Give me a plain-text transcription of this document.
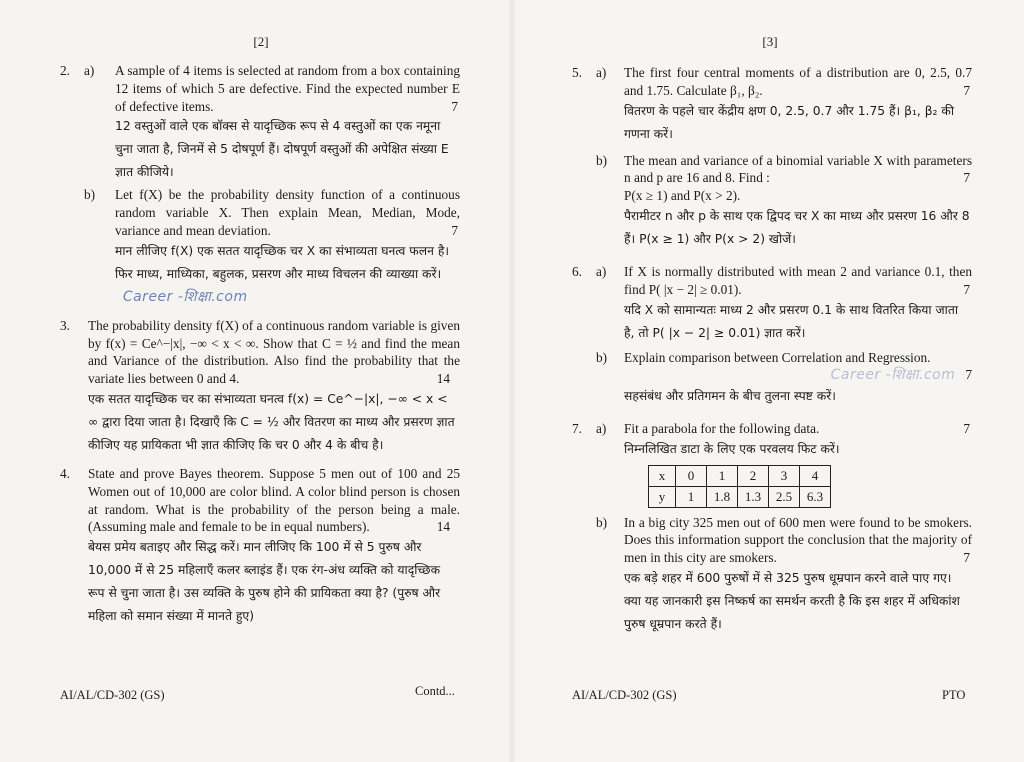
[2]
2. a) A sample of 4 items is selected at random from a box containing 12 items of which 5 are defective. Find the expected number E of defective items.	7

12 वस्तुओं वाले एक बॉक्स से यादृच्छिक रूप से 4 वस्तुओं का एक नमूना चुना जाता है, जिनमें से 5 दोषपूर्ण हैं। दोषपूर्ण वस्तुओं की अपेक्षित संख्या E ज्ञात कीजिये।

b) Let f(X) be the probability density function of a continuous random variable X. Then explain Mean, Median, Mode, variance and mean deviation.	7

मान लीजिए f(X) एक सतत यादृच्छिक चर X का संभाव्यता घनत्व फलन है। फिर माध्य, माध्यिका, बहुलक, प्रसरण और माध्य विचलन की व्याख्या करें।   Career -शिक्षा.com

3. The probability density f(X) of a continuous random variable is given by f(x) = Ce^−|x|, −∞ < x < ∞. Show that C = ½ and find the mean and Variance of the distribution. Also find the probability that the variate lies between 0 and 4.	14

एक सतत यादृच्छिक चर का संभाव्यता घनत्व f(x) = Ce^−|x|, −∞ < x < ∞ द्वारा दिया जाता है। दिखाएँ कि C = ½ और वितरण का माध्य और प्रसरण ज्ञात कीजिए यह प्रायिकता भी ज्ञात कीजिए कि चर 0 और 4 के बीच है।

4. State and prove Bayes theorem. Suppose 5 men out of 100 and 25 Women out of 10,000 are color blind. A color blind person is chosen at random. What is the probability of the person being a male. (Assuming male and female to be in equal numbers).	14

बेयस प्रमेय बताइए और सिद्ध करें। मान लीजिए कि 100 में से 5 पुरुष और 10,000 में से 25 महिलाएँ कलर ब्लाइंड हैं। एक रंग-अंध व्यक्ति को यादृच्छिक रूप से चुना जाता है। उस व्यक्ति के पुरुष होने की प्रायिकता क्या है? (पुरुष और महिला को समान संख्या में मानते हुए)

AI/AL/CD-302 (GS)	Contd...
[3]
5. a) The first four central moments of a distribution are 0, 2.5, 0.7 and 1.75. Calculate β₁, β₂.	7

वितरण के पहले चार केंद्रीय क्षण 0, 2.5, 0.7 और 1.75 हैं। β₁, β₂ की गणना करें।

b) The mean and variance of a binomial variable X with parameters n and p are 16 and 8. Find :	7

P(x ≥ 1) and P(x > 2).

पैरामीटर n और p के साथ एक द्विपद चर X का माध्य और प्रसरण 16 और 8 हैं। P(x ≥ 1) और P(x > 2) खोजें।

6. a) If X is normally distributed with mean 2 and variance 0.1, then find P( |x − 2| ≥ 0.01).	7

यदि X को सामान्यतः माध्य 2 और प्रसरण 0.1 के साथ वितरित किया जाता है, तो P( |x − 2| ≥ 0.01) ज्ञात करें।

b) Explain comparison between Correlation and Regression.

Career -शिक्षा.com 7

सहसंबंध और प्रतिगमन के बीच तुलना स्पष्ट करें।

7. a) Fit a parabola for the following data.	7

निम्नलिखित डाटा के लिए एक परवलय फिट करें।

x	0	1	2	3	4
y	1	1.8	1.3	2.5	6.3
b) In a big city 325 men out of 600 men were found to be smokers. Does this information support the conclusion that the majority of men in this city are smokers.	7

एक बड़े शहर में 600 पुरुषों में से 325 पुरुष धूम्रपान करने वाले पाए गए। क्या यह जानकारी इस निष्कर्ष का समर्थन करती है कि इस शहर में अधिकांश पुरुष धूम्रपान करते हैं।

AI/AL/CD-302 (GS)	PTO
